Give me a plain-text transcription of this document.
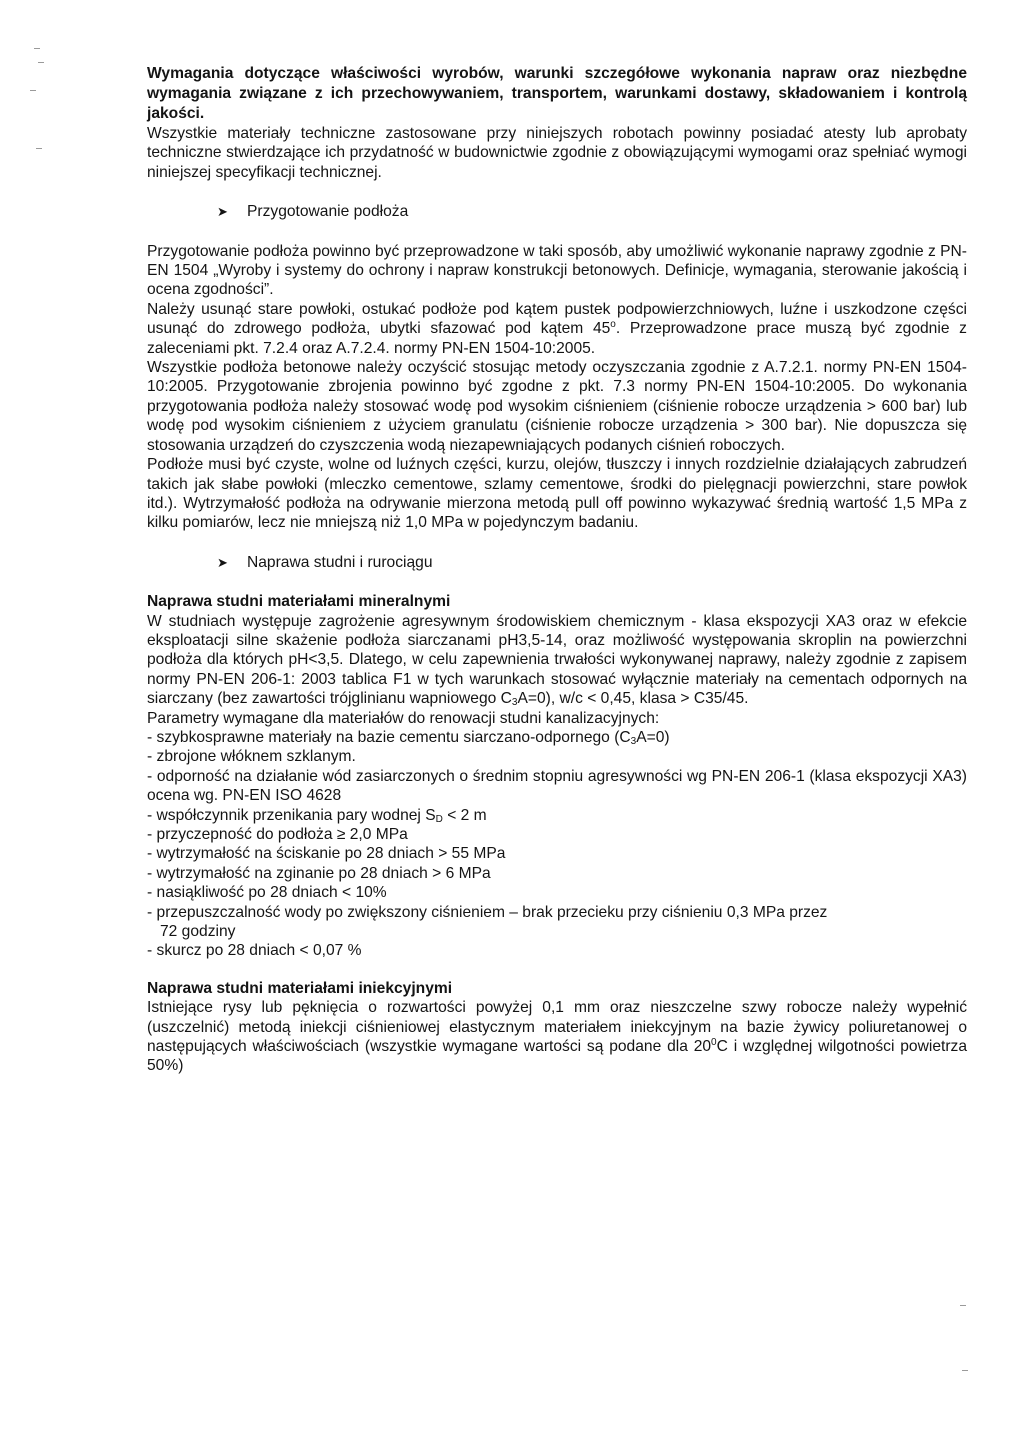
Wymagania dotyczące właściwości wyrobów, warunki szczegółowe wykonania napraw oraz niezbędne wymagania związane z ich przechowywaniem, transportem, warunkami dostawy, składowaniem i kontrolą jakości.

Wszystkie materiały techniczne zastosowane przy niniejszych robotach powinny posiadać atesty lub aprobaty techniczne stwierdzające ich przydatność w budownictwie zgodnie z obowiązującymi wymogami oraz spełniać wymogi niniejszej specyfikacji technicznej.

➤	Przygotowanie podłoża

Przygotowanie podłoża powinno być przeprowadzone w taki sposób, aby umożliwić wykonanie naprawy zgodnie z PN-EN 1504 „Wyroby i systemy do ochrony i napraw konstrukcji betonowych. Definicje, wymagania, sterowanie jakością i ocena zgodności”.

Należy usunąć stare powłoki, ostukać podłoże pod kątem pustek podpowierzchniowych, luźne i uszkodzone części usunąć do zdrowego podłoża, ubytki sfazować pod kątem 45$^o$. Przeprowadzone prace muszą być zgodnie z zaleceniami pkt. 7.2.4 oraz A.7.2.4. normy PN-EN 1504-10:2005.

Wszystkie podłoża betonowe należy oczyścić stosując metody oczyszczania zgodnie z A.7.2.1. normy PN-EN 1504-10:2005. Przygotowanie zbrojenia powinno być zgodne z pkt. 7.3 normy PN-EN 1504-10:2005. Do wykonania przygotowania podłoża należy stosować wodę pod wysokim ciśnieniem (ciśnienie robocze urządzenia > 600 bar) lub wodę pod wysokim ciśnieniem z użyciem granulatu (ciśnienie robocze urządzenia > 300 bar). Nie dopuszcza się stosowania urządzeń do czyszczenia wodą niezapewniających podanych ciśnień roboczych.

Podłoże musi być czyste, wolne od luźnych części, kurzu, olejów, tłuszczy i innych rozdzielnie działających zabrudzeń takich jak słabe powłoki (mleczko cementowe, szlamy cementowe, środki do pielęgnacji powierzchni, stare powłok itd.). Wytrzymałość podłoża na odrywanie mierzona metodą pull off powinno wykazywać średnią wartość 1,5 MPa z kilku pomiarów, lecz nie mniejszą niż 1,0 MPa w pojedynczym badaniu.

➤	Naprawa studni i rurociągu

Naprawa studni materiałami mineralnymi

W studniach występuje zagrożenie agresywnym środowiskiem chemicznym - klasa ekspozycji XA3 oraz w efekcie eksploatacji silne skażenie podłoża siarczanami pH3,5-14, oraz możliwość występowania skroplin na powierzchni podłoża dla których pH<3,5. Dlatego, w celu zapewnienia trwałości wykonywanej naprawy, należy zgodnie z zapisem normy PN-EN 206-1: 2003 tablica F1 w tych warunkach stosować wyłącznie materiały na cementach odpornych na siarczany (bez zawartości trójglinianu wapniowego $C_3A=0$), w/c < 0,45, klasa > C35/45.

Parametry wymagane dla materiałów do renowacji studni kanalizacyjnych:

- szybkosprawne materiały na bazie cementu siarczano-odpornego $(C_3A=0)$

- zbrojone włóknem szklanym.

- odporność na działanie wód zasiarczonych o średnim stopniu agresywności wg PN-EN 206-1 (klasa ekspozycji XA3) ocena wg. PN-EN ISO 4628

- współczynnik przenikania pary wodnej $S_D < 2$ m

- przyczepność do podłoża ≥ 2,0 MPa

- wytrzymałość na ściskanie po 28 dniach > 55 MPa

- wytrzymałość na zginanie po 28 dniach > 6 MPa

- nasiąkliwość po 28 dniach < 10%

- przepuszczalność wody po zwiększony ciśnieniem – brak przecieku przy ciśnieniu 0,3 MPa przez

72 godziny

- skurcz po 28 dniach < 0,07 %

Naprawa studni materiałami iniekcyjnymi

Istniejące rysy lub pęknięcia o rozwartości powyżej 0,1 mm oraz nieszczelne szwy robocze należy wypełnić (uszczelnić) metodą iniekcji ciśnieniowej elastycznym materiałem iniekcyjnym na bazie żywicy poliuretanowej o następujących właściwościach (wszystkie wymagane wartości są podane dla $20^0C$ i względnej wilgotności powietrza 50%)
